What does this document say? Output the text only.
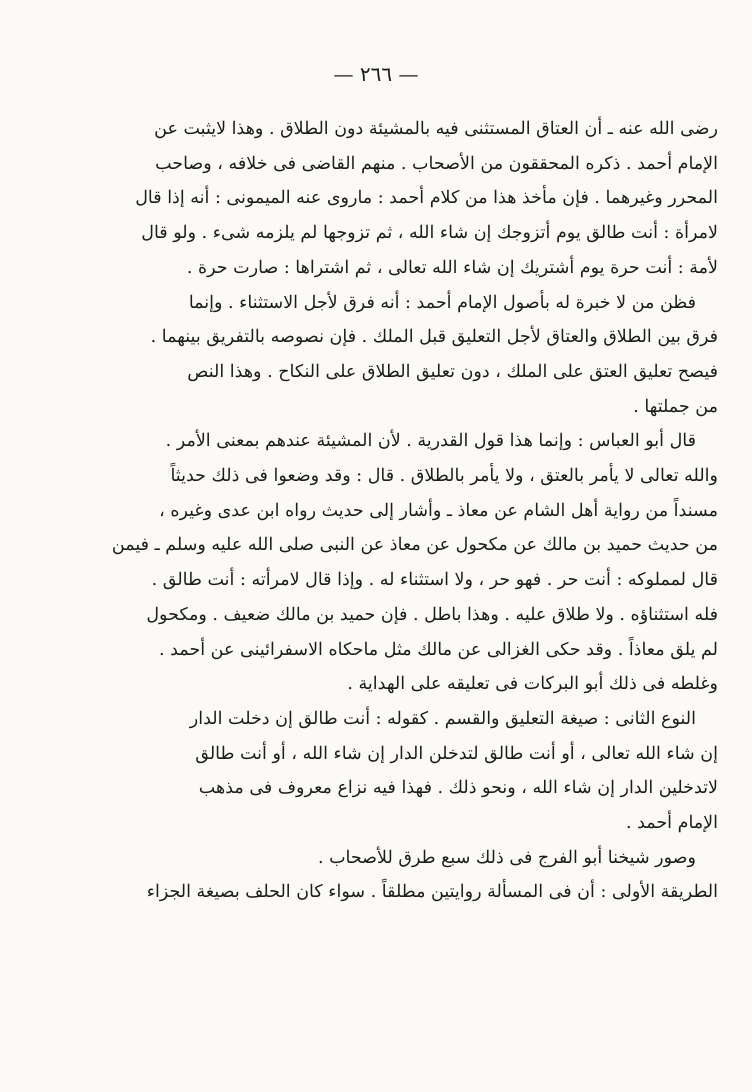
— ٢٦٦ —
رضى الله عنه ـ أن العتاق المستثنى فيه بالمشيئة دون الطلاق . وهذا لايثبت عن
الإمام أحمد . ذكره المحققون من الأصحاب . منهم القاضى فى خلافه ، وصاحب
المحرر وغيرهما . فإن مأخذ هذا من كلام أحمد : ماروى عنه الميمونى : أنه إذا قال
لامرأة : أنت طالق يوم أتزوجك إن شاء الله ، ثم تزوجها لم يلزمه شىء . ولو قال
لأمة : أنت حرة يوم أشتريك إن شاء الله تعالى ، ثم اشتراها : صارت حرة .
فظن من لا خبرة له بأصول الإمام أحمد : أنه فرق لأجل الاستثناء . وإنما
فرق بين الطلاق والعتاق لأجل التعليق قبل الملك . فإن نصوصه بالتفريق بينهما .
فيصح تعليق العتق على الملك ، دون تعليق الطلاق على النكاح . وهذا النص
من جملتها .
قال أبو العباس : وإنما هذا قول القدرية . لأن المشيئة عندهم بمعنى الأمر .
والله تعالى لا يأمر بالعتق ، ولا يأمر بالطلاق . قال : وقد وضعوا فى ذلك حديثاً
مسنداً من رواية أهل الشام عن معاذ ـ وأشار إلى حديث رواه ابن عدى وغيره ،
من حديث حميد بن مالك عن مكحول عن معاذ عن النبى صلى الله عليه وسلم ـ فيمن
قال لمملوكه : أنت حر . فهو حر ، ولا استثناء له . وإذا قال لامرأته : أنت طالق .
فله استثناؤه . ولا طلاق عليه . وهذا باطل . فإن حميد بن مالك ضعيف . ومكحول
لم يلق معاذاً . وقد حكى الغزالى عن مالك مثل ماحكاه الاسفرائينى عن أحمد .
وغلطه فى ذلك أبو البركات فى تعليقه على الهداية .
النوع الثانى : صيغة التعليق والقسم . كقوله : أنت طالق إن دخلت الدار
إن شاء الله تعالى ، أو أنت طالق لتدخلن الدار إن شاء الله ، أو أنت طالق
لاتدخلين الدار إن شاء الله ، ونحو ذلك . فهذا فيه نزاع معروف فى مذهب
الإمام أحمد .
وصور شيخنا أبو الفرج فى ذلك سبع طرق للأصحاب .
الطريقة الأولى : أن فى المسألة روايتين مطلقاً . سواء كان الحلف بصيغة الجزاء
